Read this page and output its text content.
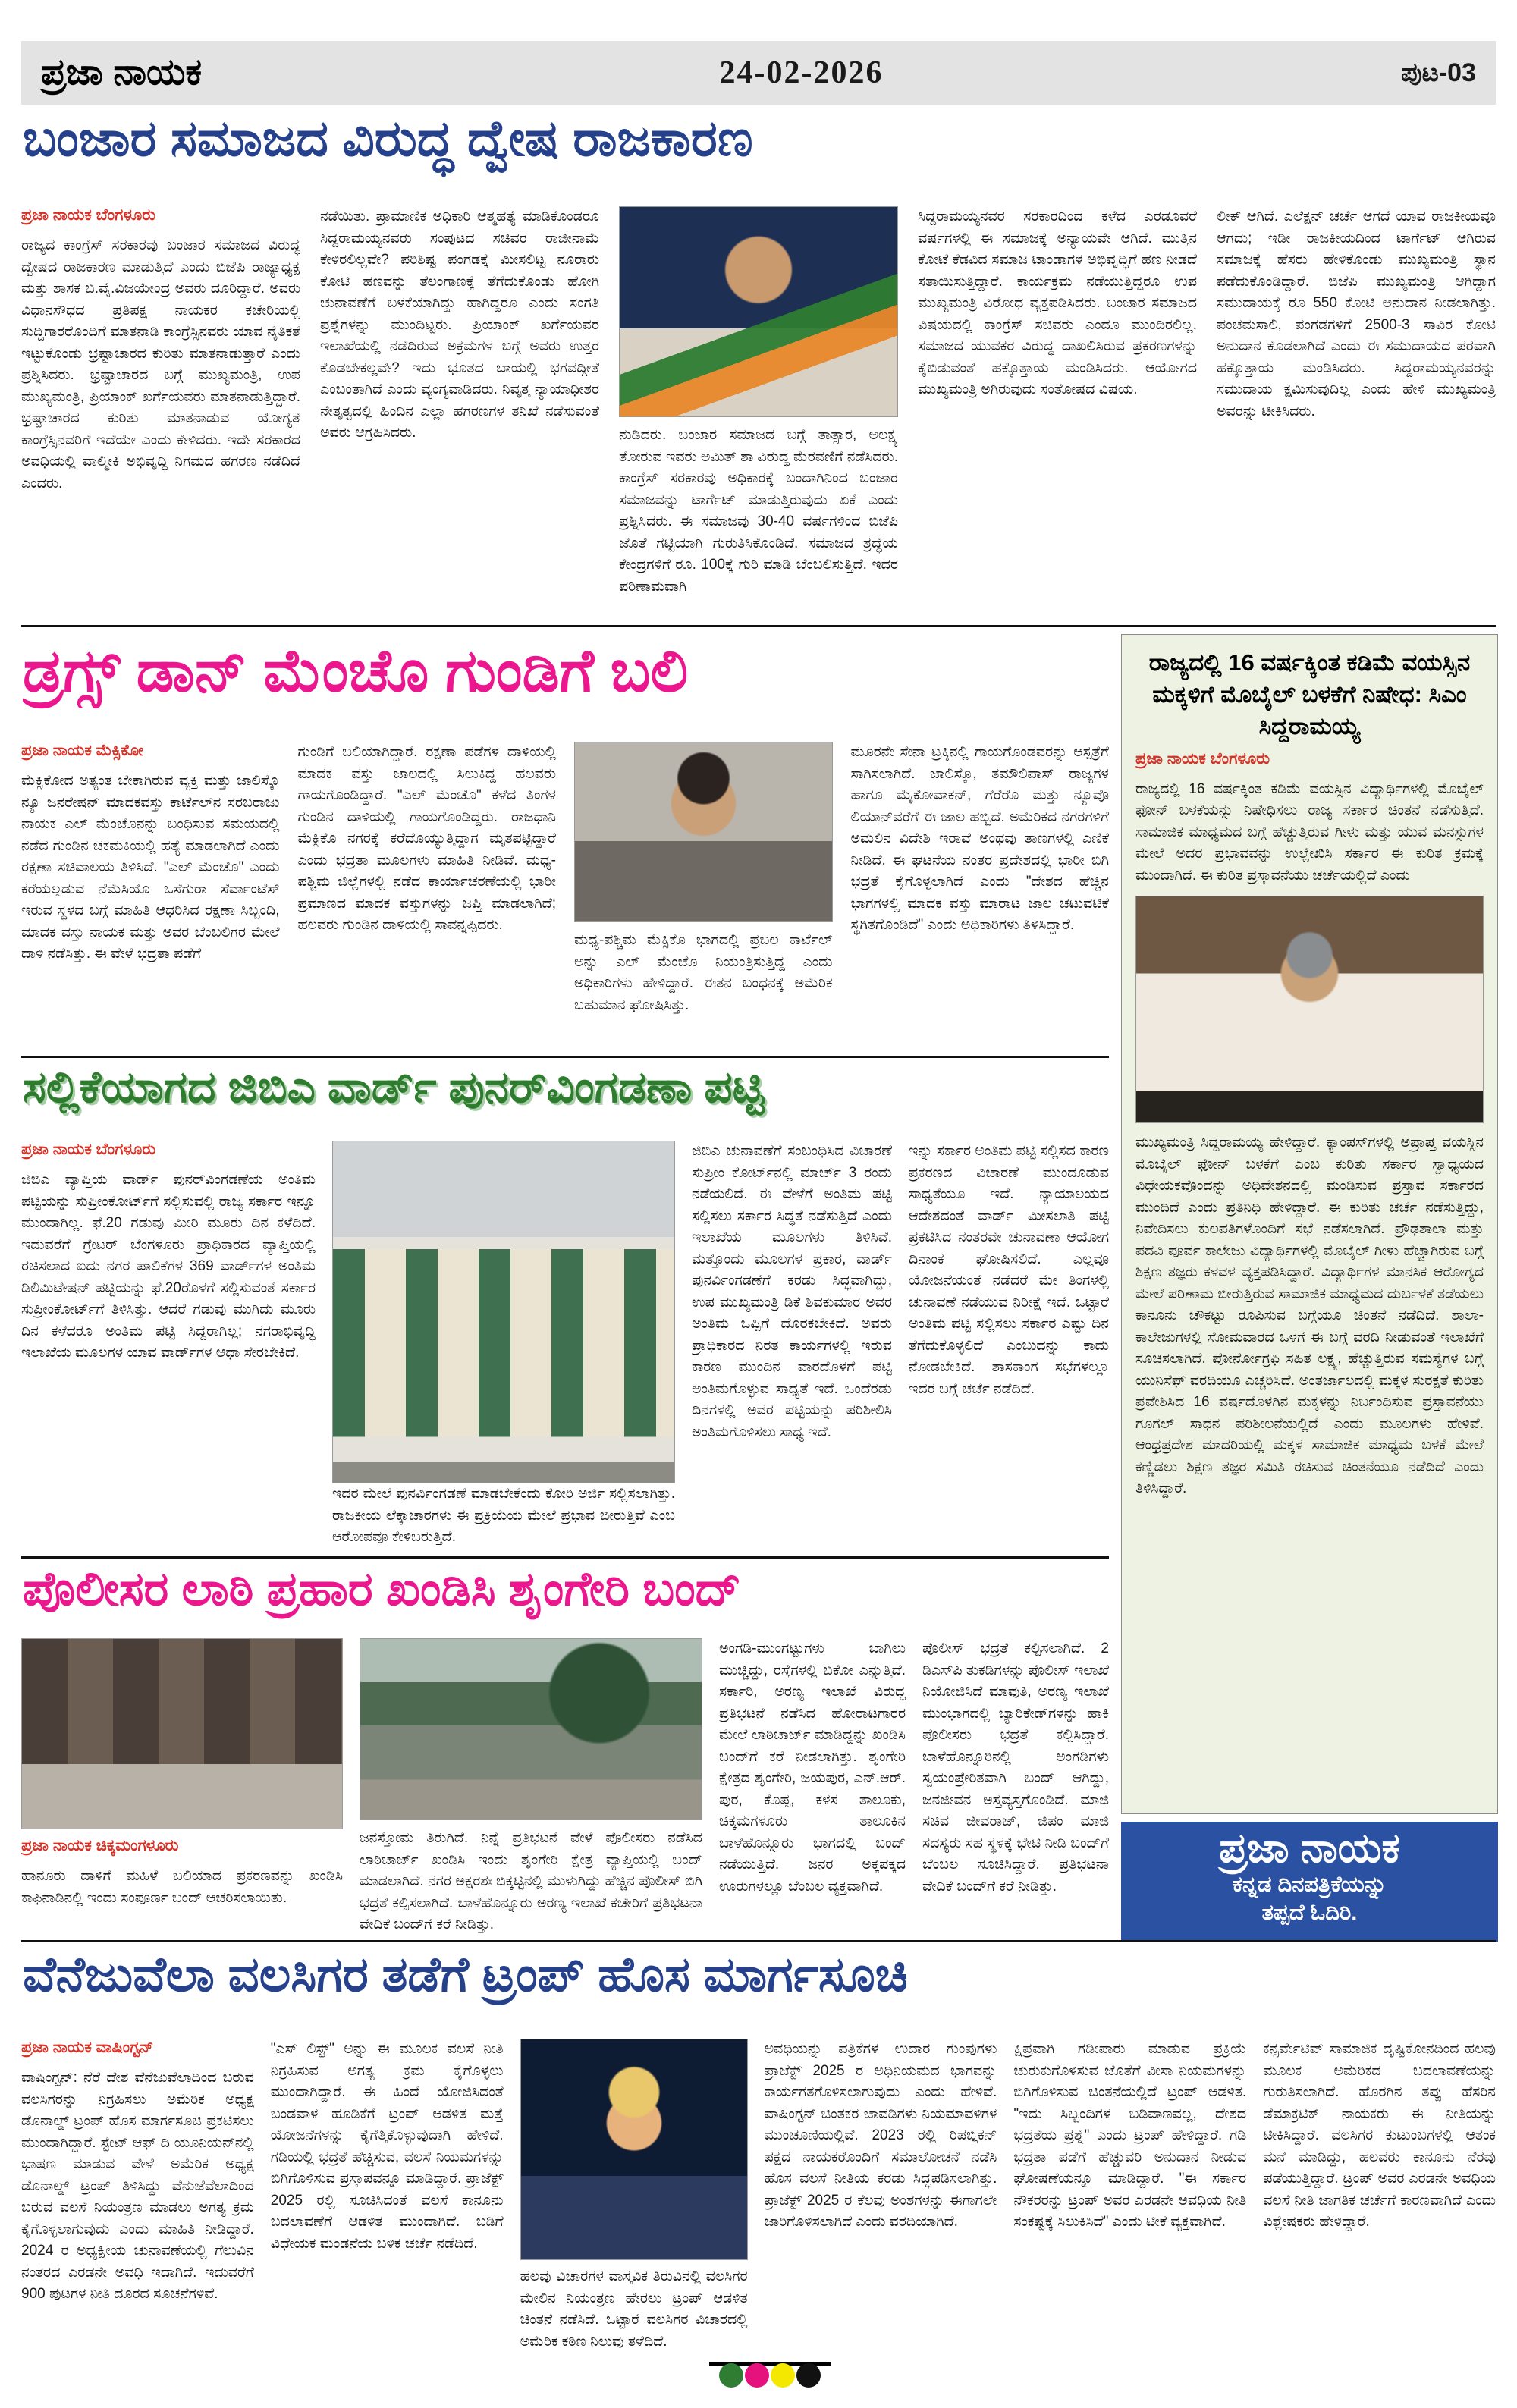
ಪ್ರಜಾ ನಾಯಕ	24-02-2026	ಪುಟ-03
ಬಂಜಾರ ಸಮಾಜದ ವಿರುದ್ಧ ದ್ವೇಷ ರಾಜಕಾರಣ
ಪ್ರಜಾ ನಾಯಕ ಬೆಂಗಳೂರು

ರಾಜ್ಯದ ಕಾಂಗ್ರೆಸ್ ಸರಕಾರವು ಬಂಜಾರ ಸಮಾಜದ ವಿರುದ್ಧ ದ್ವೇಷದ ರಾಜಕಾರಣ ಮಾಡುತ್ತಿದೆ ಎಂದು ಬಿಜೆಪಿ ರಾಜ್ಯಾಧ್ಯಕ್ಷ ಮತ್ತು ಶಾಸಕ ಬಿ.ವೈ.ವಿಜಯೇಂದ್ರ ಅವರು ದೂರಿದ್ದಾರೆ. ಅವರು ವಿಧಾನಸೌಧದ ಪ್ರತಿಪಕ್ಷ ನಾಯಕರ ಕಚೇರಿಯಲ್ಲಿ ಸುದ್ದಿಗಾರರೊಂದಿಗೆ ಮಾತನಾಡಿ ಕಾಂಗ್ರೆಸ್ಸಿನವರು ಯಾವ ನೈತಿಕತೆ ಇಟ್ಟುಕೊಂಡು ಭ್ರಷ್ಟಾಚಾರದ ಕುರಿತು ಮಾತನಾಡುತ್ತಾರೆ ಎಂದು ಪ್ರಶ್ನಿಸಿದರು. ಭ್ರಷ್ಟಾಚಾರದ ಬಗ್ಗೆ ಮುಖ್ಯಮಂತ್ರಿ, ಉಪ ಮುಖ್ಯಮಂತ್ರಿ, ಪ್ರಿಯಾಂಕ್ ಖರ್ಗೆಯವರು ಮಾತನಾಡುತ್ತಿದ್ದಾರೆ. ಭ್ರಷ್ಟಾಚಾರದ ಕುರಿತು ಮಾತನಾಡುವ ಯೋಗ್ಯತೆ ಕಾಂಗ್ರೆಸ್ಸಿನವರಿಗೆ ಇದೆಯೇ ಎಂದು ಕೇಳಿದರು. ಇದೇ ಸರಕಾರದ ಅವಧಿಯಲ್ಲಿ ವಾಲ್ಮೀಕಿ ಅಭಿವೃದ್ಧಿ ನಿಗಮದ ಹಗರಣ ನಡೆದಿದೆ ಎಂದರು.

ನಡೆಯಿತು. ಪ್ರಾಮಾಣಿಕ ಅಧಿಕಾರಿ ಆತ್ಮಹತ್ಯೆ ಮಾಡಿಕೊಂಡರೂ ಸಿದ್ದರಾಮಯ್ಯನವರು ಸಂಪುಟದ ಸಚಿವರ ರಾಜೀನಾಮೆ ಕೇಳಿರಲಿಲ್ಲವೇ? ಪರಿಶಿಷ್ಟ ಪಂಗಡಕ್ಕೆ ಮೀಸಲಿಟ್ಟ ನೂರಾರು ಕೋಟಿ ಹಣವನ್ನು ತೆಲಂಗಾಣಕ್ಕೆ ತೆಗೆದುಕೊಂಡು ಹೋಗಿ ಚುನಾವಣೆಗೆ ಬಳಕೆಯಾಗಿದ್ದು ಹಾಗಿದ್ದರೂ ಎಂದು ಸಂಗತಿ ಪ್ರಶ್ನೆಗಳನ್ನು ಮುಂದಿಟ್ಟರು. ಪ್ರಿಯಾಂಕ್ ಖರ್ಗೆಯವರ ಇಲಾಖೆಯಲ್ಲಿ ನಡೆದಿರುವ ಅಕ್ರಮಗಳ ಬಗ್ಗೆ ಅವರು ಉತ್ತರ ಕೊಡಬೇಕಲ್ಲವೇ? ಇದು ಭೂತದ ಬಾಯಲ್ಲಿ ಭಗವದ್ಗೀತೆ ಎಂಬಂತಾಗಿದೆ ಎಂದು ವ್ಯಂಗ್ಯವಾಡಿದರು. ನಿವೃತ್ತ ನ್ಯಾಯಾಧೀಶರ ನೇತೃತ್ವದಲ್ಲಿ ಹಿಂದಿನ ಎಲ್ಲಾ ಹಗರಣಗಳ ತನಿಖೆ ನಡೆಸುವಂತೆ ಅವರು ಆಗ್ರಹಿಸಿದರು.	ನುಡಿದರು. ಬಂಜಾರ ಸಮಾಜದ ಬಗ್ಗೆ ತಾತ್ಸಾರ, ಅಲಕ್ಷ್ಯ ತೋರುವ ಇವರು ಅಮಿತ್ ಶಾ ವಿರುದ್ಧ ಮೆರವಣಿಗೆ ನಡೆಸಿದರು. ಕಾಂಗ್ರೆಸ್ ಸರಕಾರವು ಅಧಿಕಾರಕ್ಕೆ ಬಂದಾಗಿನಿಂದ ಬಂಜಾರ ಸಮಾಜವನ್ನು ಟಾರ್ಗೆಟ್ ಮಾಡುತ್ತಿರುವುದು ಏಕೆ ಎಂದು ಪ್ರಶ್ನಿಸಿದರು. ಈ ಸಮಾಜವು 30-40 ವರ್ಷಗಳಿಂದ ಬಿಜೆಪಿ ಜೊತೆ ಗಟ್ಟಿಯಾಗಿ ಗುರುತಿಸಿಕೊಂಡಿದೆ. ಸಮಾಜದ ಶ್ರದ್ಧೆಯ ಕೇಂದ್ರಗಳಿಗೆ ರೂ. 100ಕ್ಕೆ ಗುರಿ ಮಾಡಿ ಬೆಂಬಲಿಸುತ್ತಿದೆ. ಇದರ ಪರಿಣಾಮವಾಗಿ

ಸಿದ್ದರಾಮಯ್ಯನವರ ಸರಕಾರದಿಂದ ಕಳೆದ ಎರಡೂವರೆ ವರ್ಷಗಳಲ್ಲಿ ಈ ಸಮಾಜಕ್ಕೆ ಅನ್ಯಾಯವೇ ಆಗಿದೆ. ಮುತ್ತಿನ ಕೋಟೆ ಕೆಡವಿದ ಸಮಾಜ ಟಾಂಡಾಗಳ ಅಭಿವೃದ್ಧಿಗೆ ಹಣ ನೀಡದೆ ಸತಾಯಿಸುತ್ತಿದ್ದಾರೆ. ಕಾರ್ಯಕ್ರಮ ನಡೆಯುತ್ತಿದ್ದರೂ ಉಪ ಮುಖ್ಯಮಂತ್ರಿ ವಿರೋಧ ವ್ಯಕ್ತಪಡಿಸಿದರು. ಬಂಜಾರ ಸಮಾಜದ ವಿಷಯದಲ್ಲಿ ಕಾಂಗ್ರೆಸ್ ಸಚಿವರು ಎಂದೂ ಮುಂದಿರಲಿಲ್ಲ. ಸಮಾಜದ ಯುವಕರ ವಿರುದ್ಧ ದಾಖಲಿಸಿರುವ ಪ್ರಕರಣಗಳನ್ನು ಕೈಬಿಡುವಂತೆ ಹಕ್ಕೊತ್ತಾಯ ಮಂಡಿಸಿದರು. ಆಯೋಗದ ಮುಖ್ಯಮಂತ್ರಿ ಅಗಿರುವುದು ಸಂತೋಷದ ವಿಷಯ.

ಲೀಕ್ ಆಗಿದೆ. ಎಲೆಕ್ಷನ್ ಚರ್ಚೆ ಆಗದೆ ಯಾವ ರಾಜಕೀಯವೂ ಆಗದು; ಇಡೀ ರಾಜಕೀಯದಿಂದ ಟಾರ್ಗೆಟ್ ಆಗಿರುವ ಸಮಾಜಕ್ಕೆ ಹೆಸರು ಹೇಳಿಕೊಂಡು ಮುಖ್ಯಮಂತ್ರಿ ಸ್ಥಾನ ಪಡೆದುಕೊಂಡಿದ್ದಾರೆ. ಬಿಜೆಪಿ ಮುಖ್ಯಮಂತ್ರಿ ಆಗಿದ್ದಾಗ ಸಮುದಾಯಕ್ಕೆ ರೂ 550 ಕೋಟಿ ಅನುದಾನ ನೀಡಲಾಗಿತ್ತು. ಪಂಚಮಸಾಲಿ, ಪಂಗಡಗಳಿಗೆ 2500-3 ಸಾವಿರ ಕೋಟಿ ಅನುದಾನ ಕೊಡಲಾಗಿದೆ ಎಂದು ಈ ಸಮುದಾಯದ ಪರವಾಗಿ ಹಕ್ಕೊತ್ತಾಯ ಮಂಡಿಸಿದರು. ಸಿದ್ದರಾಮಯ್ಯನವರನ್ನು ಸಮುದಾಯ ಕ್ಷಮಿಸುವುದಿಲ್ಲ ಎಂದು ಹೇಳಿ ಮುಖ್ಯಮಂತ್ರಿ ಅವರನ್ನು ಟೀಕಿಸಿದರು.

ಡ್ರಗ್ಸ್ ಡಾನ್ ಮೆಂಚೊ ಗುಂಡಿಗೆ ಬಲಿ
ಪ್ರಜಾ ನಾಯಕ ಮೆಕ್ಸಿಕೋ

ಮೆಕ್ಸಿಕೋದ ಅತ್ಯಂತ ಬೇಕಾಗಿರುವ ವ್ಯಕ್ತಿ ಮತ್ತು ಜಾಲಿಸ್ಕೊ ನ್ಯೂ ಜನರೇಷನ್ ಮಾದಕವಸ್ತು ಕಾರ್ಟೆಲ್‌ನ ಸರಬರಾಜು ನಾಯಕ ಎಲ್ ಮೆಂಚೊನನ್ನು ಬಂಧಿಸುವ ಸಮಯದಲ್ಲಿ ನಡೆದ ಗುಂಡಿನ ಚಕಮಕಿಯಲ್ಲಿ ಹತ್ಯೆ ಮಾಡಲಾಗಿದೆ ಎಂದು ರಕ್ಷಣಾ ಸಚಿವಾಲಯ ತಿಳಿಸಿದೆ. "ಎಲ್ ಮೆಂಚೊ" ಎಂದು ಕರೆಯಲ್ಪಡುವ ನೆಮೆಸಿಯೊ ಒಸೆಗುರಾ ಸೆರ್ವಾಂಟೆಸ್ ಇರುವ ಸ್ಥಳದ ಬಗ್ಗೆ ಮಾಹಿತಿ ಆಧರಿಸಿದ ರಕ್ಷಣಾ ಸಿಬ್ಬಂದಿ, ಮಾದಕ ವಸ್ತು ನಾಯಕ ಮತ್ತು ಅವರ ಬೆಂಬಲಿಗರ ಮೇಲೆ ದಾಳಿ ನಡೆಸಿತ್ತು. ಈ ವೇಳೆ ಭದ್ರತಾ ಪಡೆಗೆ

ಗುಂಡಿಗೆ ಬಲಿಯಾಗಿದ್ದಾರೆ. ರಕ್ಷಣಾ ಪಡೆಗಳ ದಾಳಿಯಲ್ಲಿ ಮಾದಕ ವಸ್ತು ಜಾಲದಲ್ಲಿ ಸಿಲುಕಿದ್ದ ಹಲವರು ಗಾಯಗೊಂಡಿದ್ದಾರೆ. "ಎಲ್ ಮೆಂಚೊ" ಕಳೆದ ತಿಂಗಳ ಗುಂಡಿನ ದಾಳಿಯಲ್ಲಿ ಗಾಯಗೊಂಡಿದ್ದರು. ರಾಜಧಾನಿ ಮೆಕ್ಸಿಕೊ ನಗರಕ್ಕೆ ಕರೆದೊಯ್ಯುತ್ತಿದ್ದಾಗ ಮೃತಪಟ್ಟಿದ್ದಾರೆ ಎಂದು ಭದ್ರತಾ ಮೂಲಗಳು ಮಾಹಿತಿ ನೀಡಿವೆ. ಮಧ್ಯ-ಪಶ್ಚಿಮ ಜಿಲ್ಲೆಗಳಲ್ಲಿ ನಡೆದ ಕಾರ್ಯಾಚರಣೆಯಲ್ಲಿ ಭಾರೀ ಪ್ರಮಾಣದ ಮಾದಕ ವಸ್ತುಗಳನ್ನು ಜಪ್ತಿ ಮಾಡಲಾಗಿದೆ; ಹಲವರು ಗುಂಡಿನ ದಾಳಿಯಲ್ಲಿ ಸಾವನ್ನಪ್ಪಿದರು.

ಮಧ್ಯ-ಪಶ್ಚಿಮ ಮೆಕ್ಸಿಕೊ ಭಾಗದಲ್ಲಿ ಪ್ರಬಲ ಕಾರ್ಟೆಲ್ ಅನ್ನು ಎಲ್ ಮೆಂಚೊ ನಿಯಂತ್ರಿಸುತ್ತಿದ್ದ ಎಂದು ಅಧಿಕಾರಿಗಳು ಹೇಳಿದ್ದಾರೆ. ಈತನ ಬಂಧನಕ್ಕೆ ಅಮೆರಿಕ ಬಹುಮಾನ ಘೋಷಿಸಿತ್ತು.

ಮೂರನೇ ಸೇನಾ ಟ್ರಕ್ಕಿನಲ್ಲಿ ಗಾಯಗೊಂಡವರನ್ನು ಆಸ್ಪತ್ರೆಗೆ ಸಾಗಿಸಲಾಗಿದೆ. ಜಾಲಿಸ್ಕೊ, ತಮೌಲಿಪಾಸ್ ರಾಜ್ಯಗಳ ಹಾಗೂ ಮೈಕೋವಾಕನ್, ಗೆರೆರೊ ಮತ್ತು ನ್ಯೂವೊ ಲಿಯಾನ್‌ವರೆಗೆ ಈ ಜಾಲ ಹಬ್ಬಿದೆ. ಅಮೆರಿಕದ ನಗರಗಳಿಗೆ ಅಮಲಿನ ವಿದೇಶಿ ಇರಾವೆ ಅಂಥವು ತಾಣಗಳಲ್ಲಿ ಎಣಿಕೆ ನೀಡಿದೆ. ಈ ಘಟನೆಯ ನಂತರ ಪ್ರದೇಶದಲ್ಲಿ ಭಾರೀ ಬಿಗಿ ಭದ್ರತೆ ಕೈಗೊಳ್ಳಲಾಗಿದೆ ಎಂದು "ದೇಶದ ಹೆಚ್ಚಿನ ಭಾಗಗಳಲ್ಲಿ ಮಾದಕ ವಸ್ತು ಮಾರಾಟ ಜಾಲ ಚಟುವಟಿಕೆ ಸ್ಥಗಿತಗೊಂಡಿದೆ" ಎಂದು ಅಧಿಕಾರಿಗಳು ತಿಳಿಸಿದ್ದಾರೆ.

ರಾಜ್ಯದಲ್ಲಿ 16 ವರ್ಷಕ್ಕಿಂತ ಕಡಿಮೆ ವಯಸ್ಸಿನ ಮಕ್ಕಳಿಗೆ ಮೊಬೈಲ್ ಬಳಕೆಗೆ ನಿಷೇಧ: ಸಿಎಂ ಸಿದ್ದರಾಮಯ್ಯ
ಪ್ರಜಾ ನಾಯಕ ಬೆಂಗಳೂರು

ರಾಜ್ಯದಲ್ಲಿ 16 ವರ್ಷಕ್ಕಿಂತ ಕಡಿಮೆ ವಯಸ್ಸಿನ ವಿದ್ಯಾರ್ಥಿಗಳಲ್ಲಿ ಮೊಬೈಲ್ ಫೋನ್ ಬಳಕೆಯನ್ನು ನಿಷೇಧಿಸಲು ರಾಜ್ಯ ಸರ್ಕಾರ ಚಿಂತನೆ ನಡೆಸುತ್ತಿದೆ. ಸಾಮಾಜಿಕ ಮಾಧ್ಯಮದ ಬಗ್ಗೆ ಹೆಚ್ಚುತ್ತಿರುವ ಗೀಳು ಮತ್ತು ಯುವ ಮನಸ್ಸುಗಳ ಮೇಲೆ ಅದರ ಪ್ರಭಾವವನ್ನು ಉಲ್ಲೇಖಿಸಿ ಸರ್ಕಾರ ಈ ಕುರಿತ ಕ್ರಮಕ್ಕೆ ಮುಂದಾಗಿದೆ. ಈ ಕುರಿತ ಪ್ರಸ್ತಾವನೆಯು ಚರ್ಚೆಯಲ್ಲಿದೆ ಎಂದು

ಮುಖ್ಯಮಂತ್ರಿ ಸಿದ್ದರಾಮಯ್ಯ ಹೇಳಿದ್ದಾರೆ. ಕ್ಯಾಂಪಸ್‌ಗಳಲ್ಲಿ ಅಪ್ರಾಪ್ತ ವಯಸ್ಸಿನ ಮೊಬೈಲ್ ಫೋನ್ ಬಳಕೆಗೆ ಎಂಬ ಕುರಿತು ಸರ್ಕಾರ ಸ್ವಾಧ್ಯಯದ ವಿಧೇಯಕವೊಂದನ್ನು ಅಧಿವೇಶನದಲ್ಲಿ ಮಂಡಿಸುವ ಪ್ರಸ್ತಾವ ಸರ್ಕಾರದ ಮುಂದಿದೆ ಎಂದು ಪ್ರತಿನಿಧಿ ಹೇಳಿದ್ದಾರೆ. ಈ ಕುರಿತು ಚರ್ಚೆ ನಡೆಸುತ್ತಿದ್ದು, ನಿವೇದಿಸಲು ಕುಲಪತಿಗಳೊಂದಿಗೆ ಸಭೆ ನಡೆಸಲಾಗಿದೆ. ಪ್ರೌಢಶಾಲಾ ಮತ್ತು ಪದವಿ ಪೂರ್ವ ಕಾಲೇಜು ವಿದ್ಯಾರ್ಥಿಗಳಲ್ಲಿ ಮೊಬೈಲ್ ಗೀಳು ಹೆಚ್ಚಾಗಿರುವ ಬಗ್ಗೆ ಶಿಕ್ಷಣ ತಜ್ಞರು ಕಳವಳ ವ್ಯಕ್ತಪಡಿಸಿದ್ದಾರೆ. ವಿದ್ಯಾರ್ಥಿಗಳ ಮಾನಸಿಕ ಆರೋಗ್ಯದ ಮೇಲೆ ಪರಿಣಾಮ ಬೀರುತ್ತಿರುವ ಸಾಮಾಜಿಕ ಮಾಧ್ಯಮದ ದುರ್ಬಳಕೆ ತಡೆಯಲು ಕಾನೂನು ಚೌಕಟ್ಟು ರೂಪಿಸುವ ಬಗ್ಗೆಯೂ ಚಿಂತನೆ ನಡೆದಿದೆ. ಶಾಲಾ-ಕಾಲೇಜುಗಳಲ್ಲಿ ಸೋಮವಾರದ ಒಳಗೆ ಈ ಬಗ್ಗೆ ವರದಿ ನೀಡುವಂತೆ ಇಲಾಖೆಗೆ ಸೂಚಿಸಲಾಗಿದೆ. ಪೋರ್ನೋಗ್ರಫಿ ಸಹಿತ ಲಕ್ಷ್ಯ, ಹೆಚ್ಚುತ್ತಿರುವ ಸಮಸ್ಯೆಗಳ ಬಗ್ಗೆ ಯುನಿಸೆಫ್ ವರದಿಯೂ ಎಚ್ಚರಿಸಿದೆ. ಅಂತರ್ಜಾಲದಲ್ಲಿ ಮಕ್ಕಳ ಸುರಕ್ಷತೆ ಕುರಿತು ಪ್ರವೇಶಿಸಿದ 16 ವರ್ಷದೊಳಗಿನ ಮಕ್ಕಳನ್ನು ನಿರ್ಬಂಧಿಸುವ ಪ್ರಸ್ತಾವನೆಯು ಗೂಗಲ್ ಸಾಧನ ಪರಿಶೀಲನೆಯಲ್ಲಿದೆ ಎಂದು ಮೂಲಗಳು ಹೇಳಿವೆ. ಆಂಧ್ರಪ್ರದೇಶ ಮಾದರಿಯಲ್ಲಿ ಮಕ್ಕಳ ಸಾಮಾಜಿಕ ಮಾಧ್ಯಮ ಬಳಕೆ ಮೇಲೆ ಕಣ್ಣಿಡಲು ಶಿಕ್ಷಣ ತಜ್ಞರ ಸಮಿತಿ ರಚಿಸುವ ಚಿಂತನೆಯೂ ನಡೆದಿದೆ ಎಂದು ತಿಳಿಸಿದ್ದಾರೆ.

ಸಲ್ಲಿಕೆಯಾಗದ ಜಿಬಿಎ ವಾರ್ಡ್ ಪುನರ್‌ವಿಂಗಡಣಾ ಪಟ್ಟಿ
ಪ್ರಜಾ ನಾಯಕ ಬೆಂಗಳೂರು

ಜಿಬಿಎ ವ್ಯಾಪ್ತಿಯ ವಾರ್ಡ್ ಪುನರ್‌ವಿಂಗಡಣೆಯ ಅಂತಿಮ ಪಟ್ಟಿಯನ್ನು ಸುಪ್ರೀಂಕೋರ್ಟ್‌ಗೆ ಸಲ್ಲಿಸುವಲ್ಲಿ ರಾಜ್ಯ ಸರ್ಕಾರ ಇನ್ನೂ ಮುಂದಾಗಿಲ್ಲ. ಫೆ.20 ಗಡುವು ಮೀರಿ ಮೂರು ದಿನ ಕಳೆದಿದೆ. ಇದುವರೆಗೆ ಗ್ರೇಟರ್ ಬೆಂಗಳೂರು ಪ್ರಾಧಿಕಾರದ ವ್ಯಾಪ್ತಿಯಲ್ಲಿ ರಚಿಸಲಾದ ಐದು ನಗರ ಪಾಲಿಕೆಗಳ 369 ವಾರ್ಡ್‌ಗಳ ಅಂತಿಮ ಡಿಲಿಮಿಟೇಷನ್ ಪಟ್ಟಿಯನ್ನು ಫೆ.20ರೊಳಗೆ ಸಲ್ಲಿಸುವಂತೆ ಸರ್ಕಾರ ಸುಪ್ರೀಂಕೋರ್ಟ್‌ಗೆ ತಿಳಿಸಿತ್ತು. ಆದರೆ ಗಡುವು ಮುಗಿದು ಮೂರು ದಿನ ಕಳೆದರೂ ಅಂತಿಮ ಪಟ್ಟಿ ಸಿದ್ದರಾಗಿಲ್ಲ; ನಗರಾಭಿವೃದ್ಧಿ ಇಲಾಖೆಯ ಮೂಲಗಳ ಯಾವ ವಾರ್ಡ್‌ಗಳ ಆಧಾ ಸೇರಬೇಕಿದೆ.

ಇದರ ಮೇಲೆ ಪುನರ್ವಿಂಗಡಣೆ ಮಾಡಬೇಕೆಂದು ಕೋರಿ ಅರ್ಜಿ ಸಲ್ಲಿಸಲಾಗಿತ್ತು. ರಾಜಕೀಯ ಲೆಕ್ಕಾಚಾರಗಳು ಈ ಪ್ರಕ್ರಿಯೆಯ ಮೇಲೆ ಪ್ರಭಾವ ಬೀರುತ್ತಿವೆ ಎಂಬ ಆರೋಪವೂ ಕೇಳಿಬರುತ್ತಿದೆ.

ಜಿಬಿಎ ಚುನಾವಣೆಗೆ ಸಂಬಂಧಿಸಿದ ವಿಚಾರಣೆ ಸುಪ್ರೀಂ ಕೋರ್ಟ್‌ನಲ್ಲಿ ಮಾರ್ಚ್ 3 ರಂದು ನಡೆಯಲಿದೆ. ಈ ವೇಳೆಗೆ ಅಂತಿಮ ಪಟ್ಟಿ ಸಲ್ಲಿಸಲು ಸರ್ಕಾರ ಸಿದ್ಧತೆ ನಡೆಸುತ್ತಿದೆ ಎಂದು ಇಲಾಖೆಯ ಮೂಲಗಳು ತಿಳಿಸಿವೆ. ಮತ್ತೊಂದು ಮೂಲಗಳ ಪ್ರಕಾರ, ವಾರ್ಡ್ ಪುನರ್ವಿಂಗಡಣೆಗೆ ಕರಡು ಸಿದ್ಧವಾಗಿದ್ದು, ಉಪ ಮುಖ್ಯಮಂತ್ರಿ ಡಿಕೆ ಶಿವಕುಮಾರ ಅವರ ಅಂತಿಮ ಒಪ್ಪಿಗೆ ದೊರಕಬೇಕಿದೆ. ಅವರು ಪ್ರಾಧಿಕಾರದ ನಿರತ ಕಾರ್ಯಗಳಲ್ಲಿ ಇರುವ ಕಾರಣ ಮುಂದಿನ ವಾರದೊಳಗೆ ಪಟ್ಟಿ ಅಂತಿಮಗೊಳ್ಳುವ ಸಾಧ್ಯತೆ ಇದೆ. ಒಂದೆರಡು ದಿನಗಳಲ್ಲಿ ಅವರ ಪಟ್ಟಿಯನ್ನು ಪರಿಶೀಲಿಸಿ ಅಂತಿಮಗೊಳಿಸಲು ಸಾಧ್ಯ ಇದೆ.

ಇನ್ನು ಸರ್ಕಾರ ಅಂತಿಮ ಪಟ್ಟಿ ಸಲ್ಲಿಸದ ಕಾರಣ ಪ್ರಕರಣದ ವಿಚಾರಣೆ ಮುಂದೂಡುವ ಸಾಧ್ಯತೆಯೂ ಇದೆ. ನ್ಯಾಯಾಲಯದ ಆದೇಶದಂತೆ ವಾರ್ಡ್ ಮೀಸಲಾತಿ ಪಟ್ಟಿ ಪ್ರಕಟಿಸಿದ ನಂತರವೇ ಚುನಾವಣಾ ಆಯೋಗ ದಿನಾಂಕ ಘೋಷಿಸಲಿದೆ. ಎಲ್ಲವೂ ಯೋಜನೆಯಂತೆ ನಡೆದರೆ ಮೇ ತಿಂಗಳಲ್ಲಿ ಚುನಾವಣೆ ನಡೆಯುವ ನಿರೀಕ್ಷೆ ಇದೆ. ಒಟ್ಟಾರೆ ಅಂತಿಮ ಪಟ್ಟಿ ಸಲ್ಲಿಸಲು ಸರ್ಕಾರ ಎಷ್ಟು ದಿನ ತೆಗೆದುಕೊಳ್ಳಲಿದೆ ಎಂಬುದನ್ನು ಕಾದು ನೋಡಬೇಕಿದೆ. ಶಾಸಕಾಂಗ ಸಭೆಗಳಲ್ಲೂ ಇದರ ಬಗ್ಗೆ ಚರ್ಚೆ ನಡೆದಿದೆ.

ಪೊಲೀಸರ ಲಾಠಿ ಪ್ರಹಾರ ಖಂಡಿಸಿ ಶೃಂಗೇರಿ ಬಂದ್
ಪ್ರಜಾ ನಾಯಕ ಚಿಕ್ಕಮಂಗಳೂರು

ಹಾನೂರು ದಾಳಿಗೆ ಮಹಿಳೆ ಬಲಿಯಾದ ಪ್ರಕರಣವನ್ನು ಖಂಡಿಸಿ ಕಾಫಿನಾಡಿನಲ್ಲಿ ಇಂದು ಸಂಪೂರ್ಣ ಬಂದ್ ಆಚರಿಸಲಾಯಿತು.

ಜನಸ್ತೋಮ ತಿರುಗಿದೆ. ನಿನ್ನೆ ಪ್ರತಿಭಟನೆ ವೇಳೆ ಪೊಲೀಸರು ನಡೆಸಿದ ಲಾಠಿಚಾರ್ಜ್ ಖಂಡಿಸಿ ಇಂದು ಶೃಂಗೇರಿ ಕ್ಷೇತ್ರ ವ್ಯಾಪ್ತಿಯಲ್ಲಿ ಬಂದ್ ಮಾಡಲಾಗಿದೆ. ನಗರ ಅಕ್ಷರಶಃ ಬಿಕ್ಕಟ್ಟಿನಲ್ಲಿ ಮುಳುಗಿದ್ದು ಹೆಚ್ಚಿನ ಪೊಲೀಸ್ ಬಿಗಿ ಭದ್ರತೆ ಕಲ್ಪಿಸಲಾಗಿದೆ. ಬಾಳೆಹೊನ್ನೂರು ಅರಣ್ಯ ಇಲಾಖೆ ಕಚೇರಿಗೆ ಪ್ರತಿಭಟನಾ ವೇದಿಕೆ ಬಂದ್‌ಗೆ ಕರೆ ನೀಡಿತ್ತು.

ಅಂಗಡಿ-ಮುಂಗಟ್ಟುಗಳು ಬಾಗಿಲು ಮುಚ್ಚಿದ್ದು, ರಸ್ತೆಗಳಲ್ಲಿ ಬಿಕೋ ಎನ್ನುತ್ತಿದೆ. ಸರ್ಕಾರಿ, ಅರಣ್ಯ ಇಲಾಖೆ ವಿರುದ್ಧ ಪ್ರತಿಭಟನೆ ನಡೆಸಿದ ಹೋರಾಟಗಾರರ ಮೇಲೆ ಲಾಠಿಚಾರ್ಜ್ ಮಾಡಿದ್ದನ್ನು ಖಂಡಿಸಿ ಬಂದ್‌ಗೆ ಕರೆ ನೀಡಲಾಗಿತ್ತು. ಶೃಂಗೇರಿ ಕ್ಷೇತ್ರದ ಶೃಂಗೇರಿ, ಜಯಪುರ, ಎನ್.ಆರ್. ಪುರ, ಕೊಪ್ಪ, ಕಳಸ ತಾಲೂಕು, ಚಿಕ್ಕಮಗಳೂರು ತಾಲೂಕಿನ ಬಾಳೆಹೊನ್ನೂರು ಭಾಗದಲ್ಲಿ ಬಂದ್ ನಡೆಯುತ್ತಿದೆ. ಜನರ ಅಕ್ಕಪಕ್ಕದ ಊರುಗಳಲ್ಲೂ ಬೆಂಬಲ ವ್ಯಕ್ತವಾಗಿದೆ.

ಪೊಲೀಸ್ ಭದ್ರತೆ ಕಲ್ಪಿಸಲಾಗಿದೆ. 2 ಡಿಎಸ್‌ಪಿ ತುಕಡಿಗಳನ್ನು ಪೊಲೀಸ್ ಇಲಾಖೆ ನಿಯೋಜಿಸಿದೆ ಮಾವುತಿ, ಅರಣ್ಯ ಇಲಾಖೆ ಮುಂಭಾಗದಲ್ಲಿ ಬ್ಯಾರಿಕೇಡ್‌ಗಳನ್ನು ಹಾಕಿ ಪೊಲೀಸರು ಭದ್ರತೆ ಕಲ್ಪಿಸಿದ್ದಾರೆ. ಬಾಳೆಹೊನ್ನೂರಿನಲ್ಲಿ ಅಂಗಡಿಗಳು ಸ್ವಯಂಪ್ರೇರಿತವಾಗಿ ಬಂದ್ ಆಗಿದ್ದು, ಜನಜೀವನ ಅಸ್ತವ್ಯಸ್ತಗೊಂಡಿದೆ. ಮಾಜಿ ಸಚಿವ ಜೀವರಾಜ್, ಜಿಪಂ ಮಾಜಿ ಸದಸ್ಯರು ಸಹ ಸ್ಥಳಕ್ಕೆ ಭೇಟಿ ನೀಡಿ ಬಂದ್‌ಗೆ ಬೆಂಬಲ ಸೂಚಿಸಿದ್ದಾರೆ. ಪ್ರತಿಭಟನಾ ವೇದಿಕೆ ಬಂದ್‌ಗೆ ಕರೆ ನೀಡಿತ್ತು.

ಪ್ರಜಾ ನಾಯಕ
ಕನ್ನಡ ದಿನಪತ್ರಿಕೆಯನ್ನು
ತಪ್ಪದೆ ಓದಿರಿ.
ವೆನೆಜುವೆಲಾ ವಲಸಿಗರ ತಡೆಗೆ ಟ್ರಂಪ್ ಹೊಸ ಮಾರ್ಗಸೂಚಿ
ಪ್ರಜಾ ನಾಯಕ ವಾಷಿಂಗ್ಟನ್

ವಾಷಿಂಗ್ಟನ್: ನೆರೆ ದೇಶ ವೆನೆಜುವೆಲಾದಿಂದ ಬರುವ ವಲಸಿಗರನ್ನು ನಿಗ್ರಹಿಸಲು ಅಮೆರಿಕ ಅಧ್ಯಕ್ಷ ಡೊನಾಲ್ಡ್ ಟ್ರಂಪ್ ಹೊಸ ಮಾರ್ಗಸೂಚಿ ಪ್ರಕಟಿಸಲು ಮುಂದಾಗಿದ್ದಾರೆ. ಸ್ಟೇಟ್ ಆಫ್ ದಿ ಯೂನಿಯನ್‌ನಲ್ಲಿ ಭಾಷಣ ಮಾಡುವ ವೇಳೆ ಅಮೆರಿಕ ಅಧ್ಯಕ್ಷ ಡೊನಾಲ್ಡ್ ಟ್ರಂಪ್ ತಿಳಿಸಿದ್ದು ವೆನುಜೆವೆಲಾದಿಂದ ಬರುವ ವಲಸೆ ನಿಯಂತ್ರಣ ಮಾಡಲು ಅಗತ್ಯ ಕ್ರಮ ಕೈಗೊಳ್ಳಲಾಗುವುದು ಎಂದು ಮಾಹಿತಿ ನೀಡಿದ್ದಾರೆ. 2024 ರ ಅಧ್ಯಕ್ಷೀಯ ಚುನಾವಣೆಯಲ್ಲಿ ಗೆಲುವಿನ ನಂತರದ ಎರಡನೇ ಅವಧಿ ಇದಾಗಿದೆ. ಇದುವರೆಗೆ 900 ಪುಟಗಳ ನೀತಿ ದೂರದ ಸೂಚನೆಗಳಿವೆ.

"ಎಸ್ ಲಿಸ್ಟ್" ಅನ್ನು ಈ ಮೂಲಕ ವಲಸೆ ನೀತಿ ನಿಗ್ರಹಿಸುವ ಅಗತ್ಯ ಕ್ರಮ ಕೈಗೊಳ್ಳಲು ಮುಂದಾಗಿದ್ದಾರೆ. ಈ ಹಿಂದೆ ಯೋಜಿಸಿದಂತೆ ಬಂಡವಾಳ ಹೂಡಿಕೆಗೆ ಟ್ರಂಪ್ ಆಡಳಿತ ಮತ್ತೆ ಯೋಜನೆಗಳನ್ನು ಕೈಗೆತ್ತಿಕೊಳ್ಳುವುದಾಗಿ ಹೇಳಿದೆ. ಗಡಿಯಲ್ಲಿ ಭದ್ರತೆ ಹೆಚ್ಚಿಸುವ, ವಲಸೆ ನಿಯಮಗಳನ್ನು ಬಿಗಿಗೊಳಿಸುವ ಪ್ರಸ್ತಾಪವನ್ನೂ ಮಾಡಿದ್ದಾರೆ. ಪ್ರಾಜೆಕ್ಟ್ 2025 ರಲ್ಲಿ ಸೂಚಿಸಿದಂತೆ ವಲಸೆ ಕಾನೂನು ಬದಲಾವಣೆಗೆ ಆಡಳಿತ ಮುಂದಾಗಿದೆ. ಬಡಿಗೆ ವಿಧೇಯಕ ಮಂಡನೆಯ ಬಳಿಕ ಚರ್ಚೆ ನಡೆದಿದೆ.

ಹಲವು ವಿಚಾರಗಳ ವಾಸ್ತವಿಕ ತಿರುವಿನಲ್ಲಿ ವಲಸಿಗರ ಮೇಲಿನ ನಿಯಂತ್ರಣ ಹೇರಲು ಟ್ರಂಪ್ ಆಡಳಿತ ಚಿಂತನೆ ನಡೆಸಿದೆ. ಒಟ್ಟಾರೆ ವಲಸಿಗರ ವಿಚಾರದಲ್ಲಿ ಅಮೆರಿಕ ಕಠಿಣ ನಿಲುವು ತಳೆದಿದೆ.

ಅವಧಿಯನ್ನು ಪತ್ರಿಕೆಗಳ ಉದಾರ ಗುಂಪುಗಳು ಪ್ರಾಜೆಕ್ಟ್ 2025 ರ ಅಧಿನಿಯಮದ ಭಾಗವನ್ನು ಕಾರ್ಯಗತಗೊಳಿಸಲಾಗುವುದು ಎಂದು ಹೇಳಿವೆ. ವಾಷಿಂಗ್ಟನ್ ಚಿಂತಕರ ಚಾವಡಿಗಳು ನಿಯಮಾವಳಿಗಳ ಮುಂಚೂಣಿಯಲ್ಲಿವೆ. 2023 ರಲ್ಲಿ ರಿಪಬ್ಲಿಕನ್ ಪಕ್ಷದ ನಾಯಕರೊಂದಿಗೆ ಸಮಾಲೋಚನೆ ನಡೆಸಿ ಹೊಸ ವಲಸೆ ನೀತಿಯ ಕರಡು ಸಿದ್ಧಪಡಿಸಲಾಗಿತ್ತು. ಪ್ರಾಜೆಕ್ಟ್ 2025 ರ ಕೆಲವು ಅಂಶಗಳನ್ನು ಈಗಾಗಲೇ ಜಾರಿಗೊಳಿಸಲಾಗಿದೆ ಎಂದು ವರದಿಯಾಗಿದೆ.

ಕ್ಷಿಪ್ರವಾಗಿ ಗಡೀಪಾರು ಮಾಡುವ ಪ್ರಕ್ರಿಯೆ ಚುರುಕುಗೊಳಿಸುವ ಜೊತೆಗೆ ವೀಸಾ ನಿಯಮಗಳನ್ನು ಬಿಗಿಗೊಳಿಸುವ ಚಿಂತನೆಯಲ್ಲಿದೆ ಟ್ರಂಪ್ ಆಡಳಿತ. "ಇದು ಸಿಬ್ಬಂದಿಗಳ ಬಡಿವಾಣವಲ್ಲ, ದೇಶದ ಭದ್ರತೆಯ ಪ್ರಶ್ನೆ" ಎಂದು ಟ್ರಂಪ್ ಹೇಳಿದ್ದಾರೆ. ಗಡಿ ಭದ್ರತಾ ಪಡೆಗೆ ಹೆಚ್ಚುವರಿ ಅನುದಾನ ನೀಡುವ ಘೋಷಣೆಯನ್ನೂ ಮಾಡಿದ್ದಾರೆ. "ಈ ಸರ್ಕಾರ ನೌಕರರನ್ನು ಟ್ರಂಪ್ ಅವರ ಎರಡನೇ ಅವಧಿಯ ನೀತಿ ಸಂಕಷ್ಟಕ್ಕೆ ಸಿಲುಕಿಸಿದೆ" ಎಂದು ಟೀಕೆ ವ್ಯಕ್ತವಾಗಿದೆ.

ಕನ್ಸರ್ವೇಟಿವ್ ಸಾಮಾಜಿಕ ದೃಷ್ಟಿಕೋನದಿಂದ ಹಲವು ಮೂಲಕ ಅಮೆರಿಕದ ಬದಲಾವಣೆಯನ್ನು ಗುರುತಿಸಲಾಗಿದೆ. ಹೊರಗಿನ ತಪ್ಪು ಹೆಸರಿನ ಡೆಮಾಕ್ರಟಿಕ್ ನಾಯಕರು ಈ ನೀತಿಯನ್ನು ಟೀಕಿಸಿದ್ದಾರೆ. ವಲಸಿಗರ ಕುಟುಂಬಗಳಲ್ಲಿ ಆತಂಕ ಮನೆ ಮಾಡಿದ್ದು, ಹಲವರು ಕಾನೂನು ನೆರವು ಪಡೆಯುತ್ತಿದ್ದಾರೆ. ಟ್ರಂಪ್ ಅವರ ಎರಡನೇ ಅವಧಿಯ ವಲಸೆ ನೀತಿ ಜಾಗತಿಕ ಚರ್ಚೆಗೆ ಕಾರಣವಾಗಿದೆ ಎಂದು ವಿಶ್ಲೇಷಕರು ಹೇಳಿದ್ದಾರೆ.
